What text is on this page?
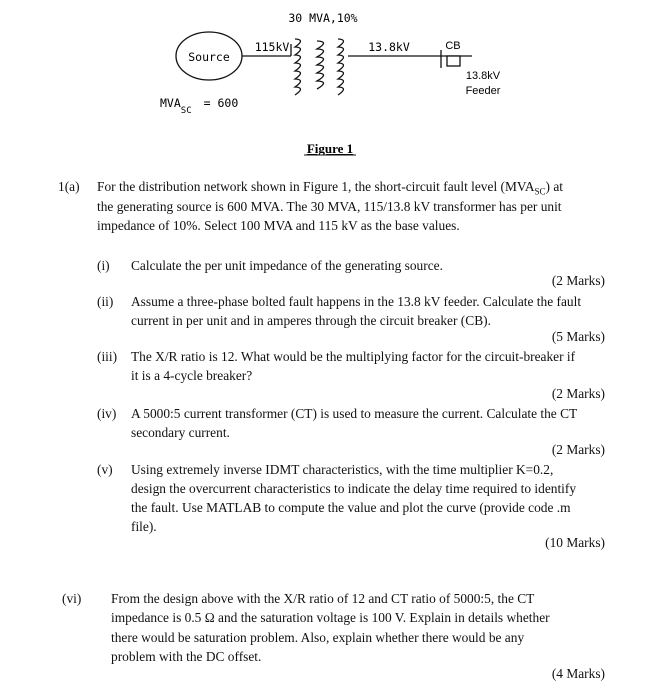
Source
30 MVA,10%
115kV	13.8kV	CB
13.8kV
Feeder
$MVA_{SC}= 600$
Figure 1
1(a) For the distribution network shown in Figure 1, the short-circuit fault level $(MVA_{SC})$ at
the generating source is 600 MVA. The 30 MVA, 115/13.8 kV transformer has per unit
impedance of 10%. Select 100 MVA and 115 kV as the base values.
(i) Calculate the per unit impedance of the generating source.
(2 Marks)
(ii) Assume a three-phase bolted fault happens in the 13.8 kV feeder. Calculate the fault
current in per unit and in amperes through the circuit breaker (CB).
(5 Marks)
(iii) The X/R ratio is 12. What would be the multiplying factor for the circuit-breaker if
it is a 4-cycle breaker?
(2 Marks)
(iv) A 5000:5 current transformer (CT) is used to measure the current. Calculate the CT
secondary current.
(2 Marks)
(v) Using extremely inverse IDMT characteristics, with the time multiplier K=0.2,
design the overcurrent characteristics to indicate the delay time required to identify
the fault. Use MATLAB to compute the value and plot the curve (provide code .m
file).
(10 Marks)
(vi) From the design above with the X/R ratio of 12 and CT ratio of 5000:5, the CT
impedance is 0.5 Ω and the saturation voltage is 100 V. Explain in details whether
there would be saturation problem. Also, explain whether there would be any
problem with the DC offset.
(4 Marks)
